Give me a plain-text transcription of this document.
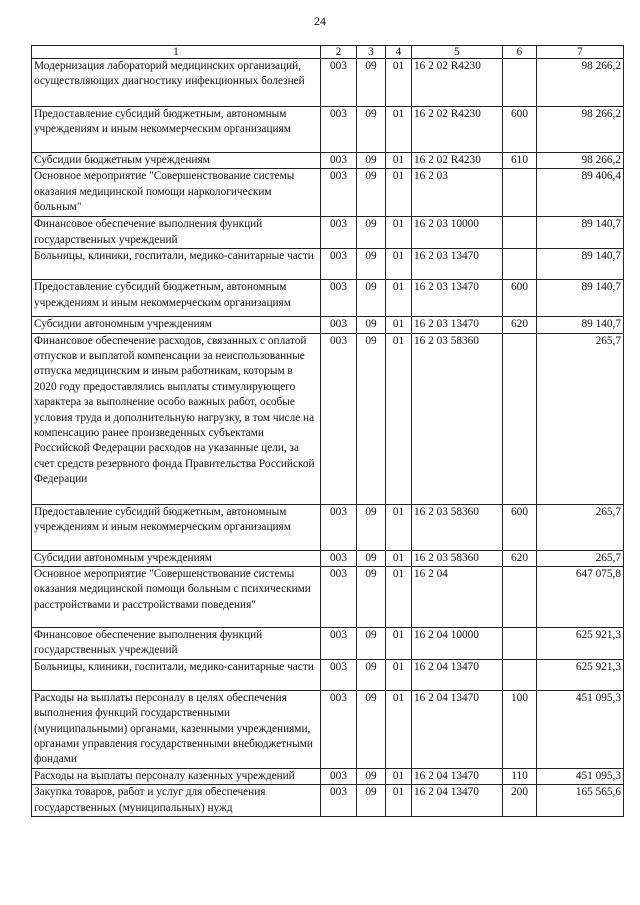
24
1	2	3	4	5	6	7
Модернизация лабораторий медицинских организаций, осуществляющих диагностику инфекционных болезней	003	09	01	16 2 02 R4230		98 266,2
Предоставление субсидий бюджетным, автономным учреждениям и иным некоммерческим организациям	003	09	01	16 2 02 R4230	600	98 266,2
Субсидии бюджетным учреждениям	003	09	01	16 2 02 R4230	610	98 266,2
Основное мероприятие "Совершенствование системы оказания медицинской помощи наркологическим больным"	003	09	01	16 2 03		89 406,4
Финансовое обеспечение выполнения функций государственных учреждений	003	09	01	16 2 03 10000		89 140,7
Больницы, клиники, госпитали, медико-санитарные части	003	09	01	16 2 03 13470		89 140,7
Предоставление субсидий бюджетным, автономным учреждениям и иным некоммерческим организациям	003	09	01	16 2 03 13470	600	89 140,7
Субсидии автономным учреждениям	003	09	01	16 2 03 13470	620	89 140,7
Финансовое обеспечение расходов, связанных с оплатой отпусков и выплатой компенсации за неиспользованные отпуска медицинским и иным работникам, которым в 2020 году предоставлялись выплаты стимулирующего характера за выполнение особо важных работ, особые условия труда и дополнительную нагрузку, в том числе на компенсацию ранее произведенных субъектами Российской Федерации расходов на указанные цели, за счет средств резервного фонда Правительства Российской Федерации	003	09	01	16 2 03 58360		265,7
Предоставление субсидий бюджетным, автономным учреждениям и иным некоммерческим организациям	003	09	01	16 2 03 58360	600	265,7
Субсидии автономным учреждениям	003	09	01	16 2 03 58360	620	265,7
Основное мероприятие "Совершенствование системы оказания медицинской помощи больным с психическими расстройствами и расстройствами поведения"	003	09	01	16 2 04		647 075,8
Финансовое обеспечение выполнения функций государственных учреждений	003	09	01	16 2 04 10000		625 921,3
Больницы, клиники, госпитали, медико-санитарные части	003	09	01	16 2 04 13470		625 921,3
Расходы на выплаты персоналу в целях обеспечения выполнения функций государственными (муниципальными) органами, казенными учреждениями, органами управления государственными внебюджетными фондами	003	09	01	16 2 04 13470	100	451 095,3
Расходы на выплаты персоналу казенных учреждений	003	09	01	16 2 04 13470	110	451 095,3
Закупка товаров, работ и услуг для обеспечения государственных (муниципальных) нужд	003	09	01	16 2 04 13470	200	165 565,6
